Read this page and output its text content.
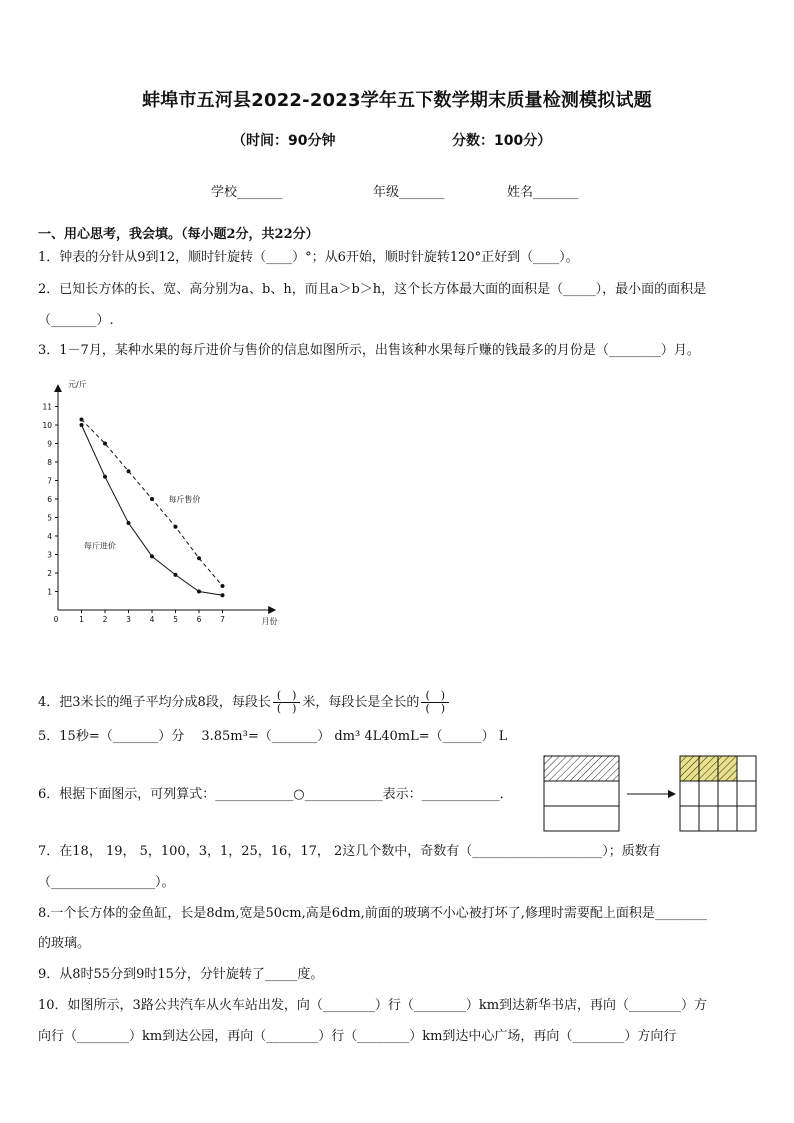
蚌埠市五河县2022-2023学年五下数学期末质量检测模拟试题
（时间：90分钟	分数：100分）
学校_______	年级_______	姓名_______
一、用心思考，我会填。（每小题2分，共22分）
1．钟表的分针从9到12，顺时针旋转（____）°；从6开始，顺时针旋转120°正好到（____）。
2．已知长方体的长、宽、高分别为a、b、h，而且a＞b＞h，这个长方体最大面的面积是（_____），最小面的面积是
（_______）.
3．1－7月，某种水果的每斤进价与售价的信息如图所示，出售该种水果每斤赚的钱最多的月份是（________）月。
元/斤
月份
1
2
3
4
5
6
7
8
9
10
11
0	1 2 3 4 5 6 7
每斤售价
每斤进价
4．把3米长的绳子平均分成8段，每段长 $\frac{( )}{( )}$ 米，每段长是全长的 $\frac{( )}{( )}$
5．15秒=（_______）分　 3.85m³=（_______） dm³ 4L40mL=（______） L
6．根据下面图示，可列算式：____________○____________表示：____________．
7．在18， 19， 5，100，3，1，25，16，17， 2这几个数中，奇数有（____________________）；质数有
（________________）。
8.一个长方体的金鱼缸，长是8dm,宽是50cm,高是6dm,前面的玻璃不小心被打坏了,修理时需要配上面积是________
的玻璃。
9．从8时55分到9时15分，分针旋转了_____度。
10．如图所示，3路公共汽车从火车站出发，向（________）行（________）km到达新华书店，再向（________）方
向行（________）km到达公园，再向（________）行（________）km到达中心广场，再向（________）方向行
